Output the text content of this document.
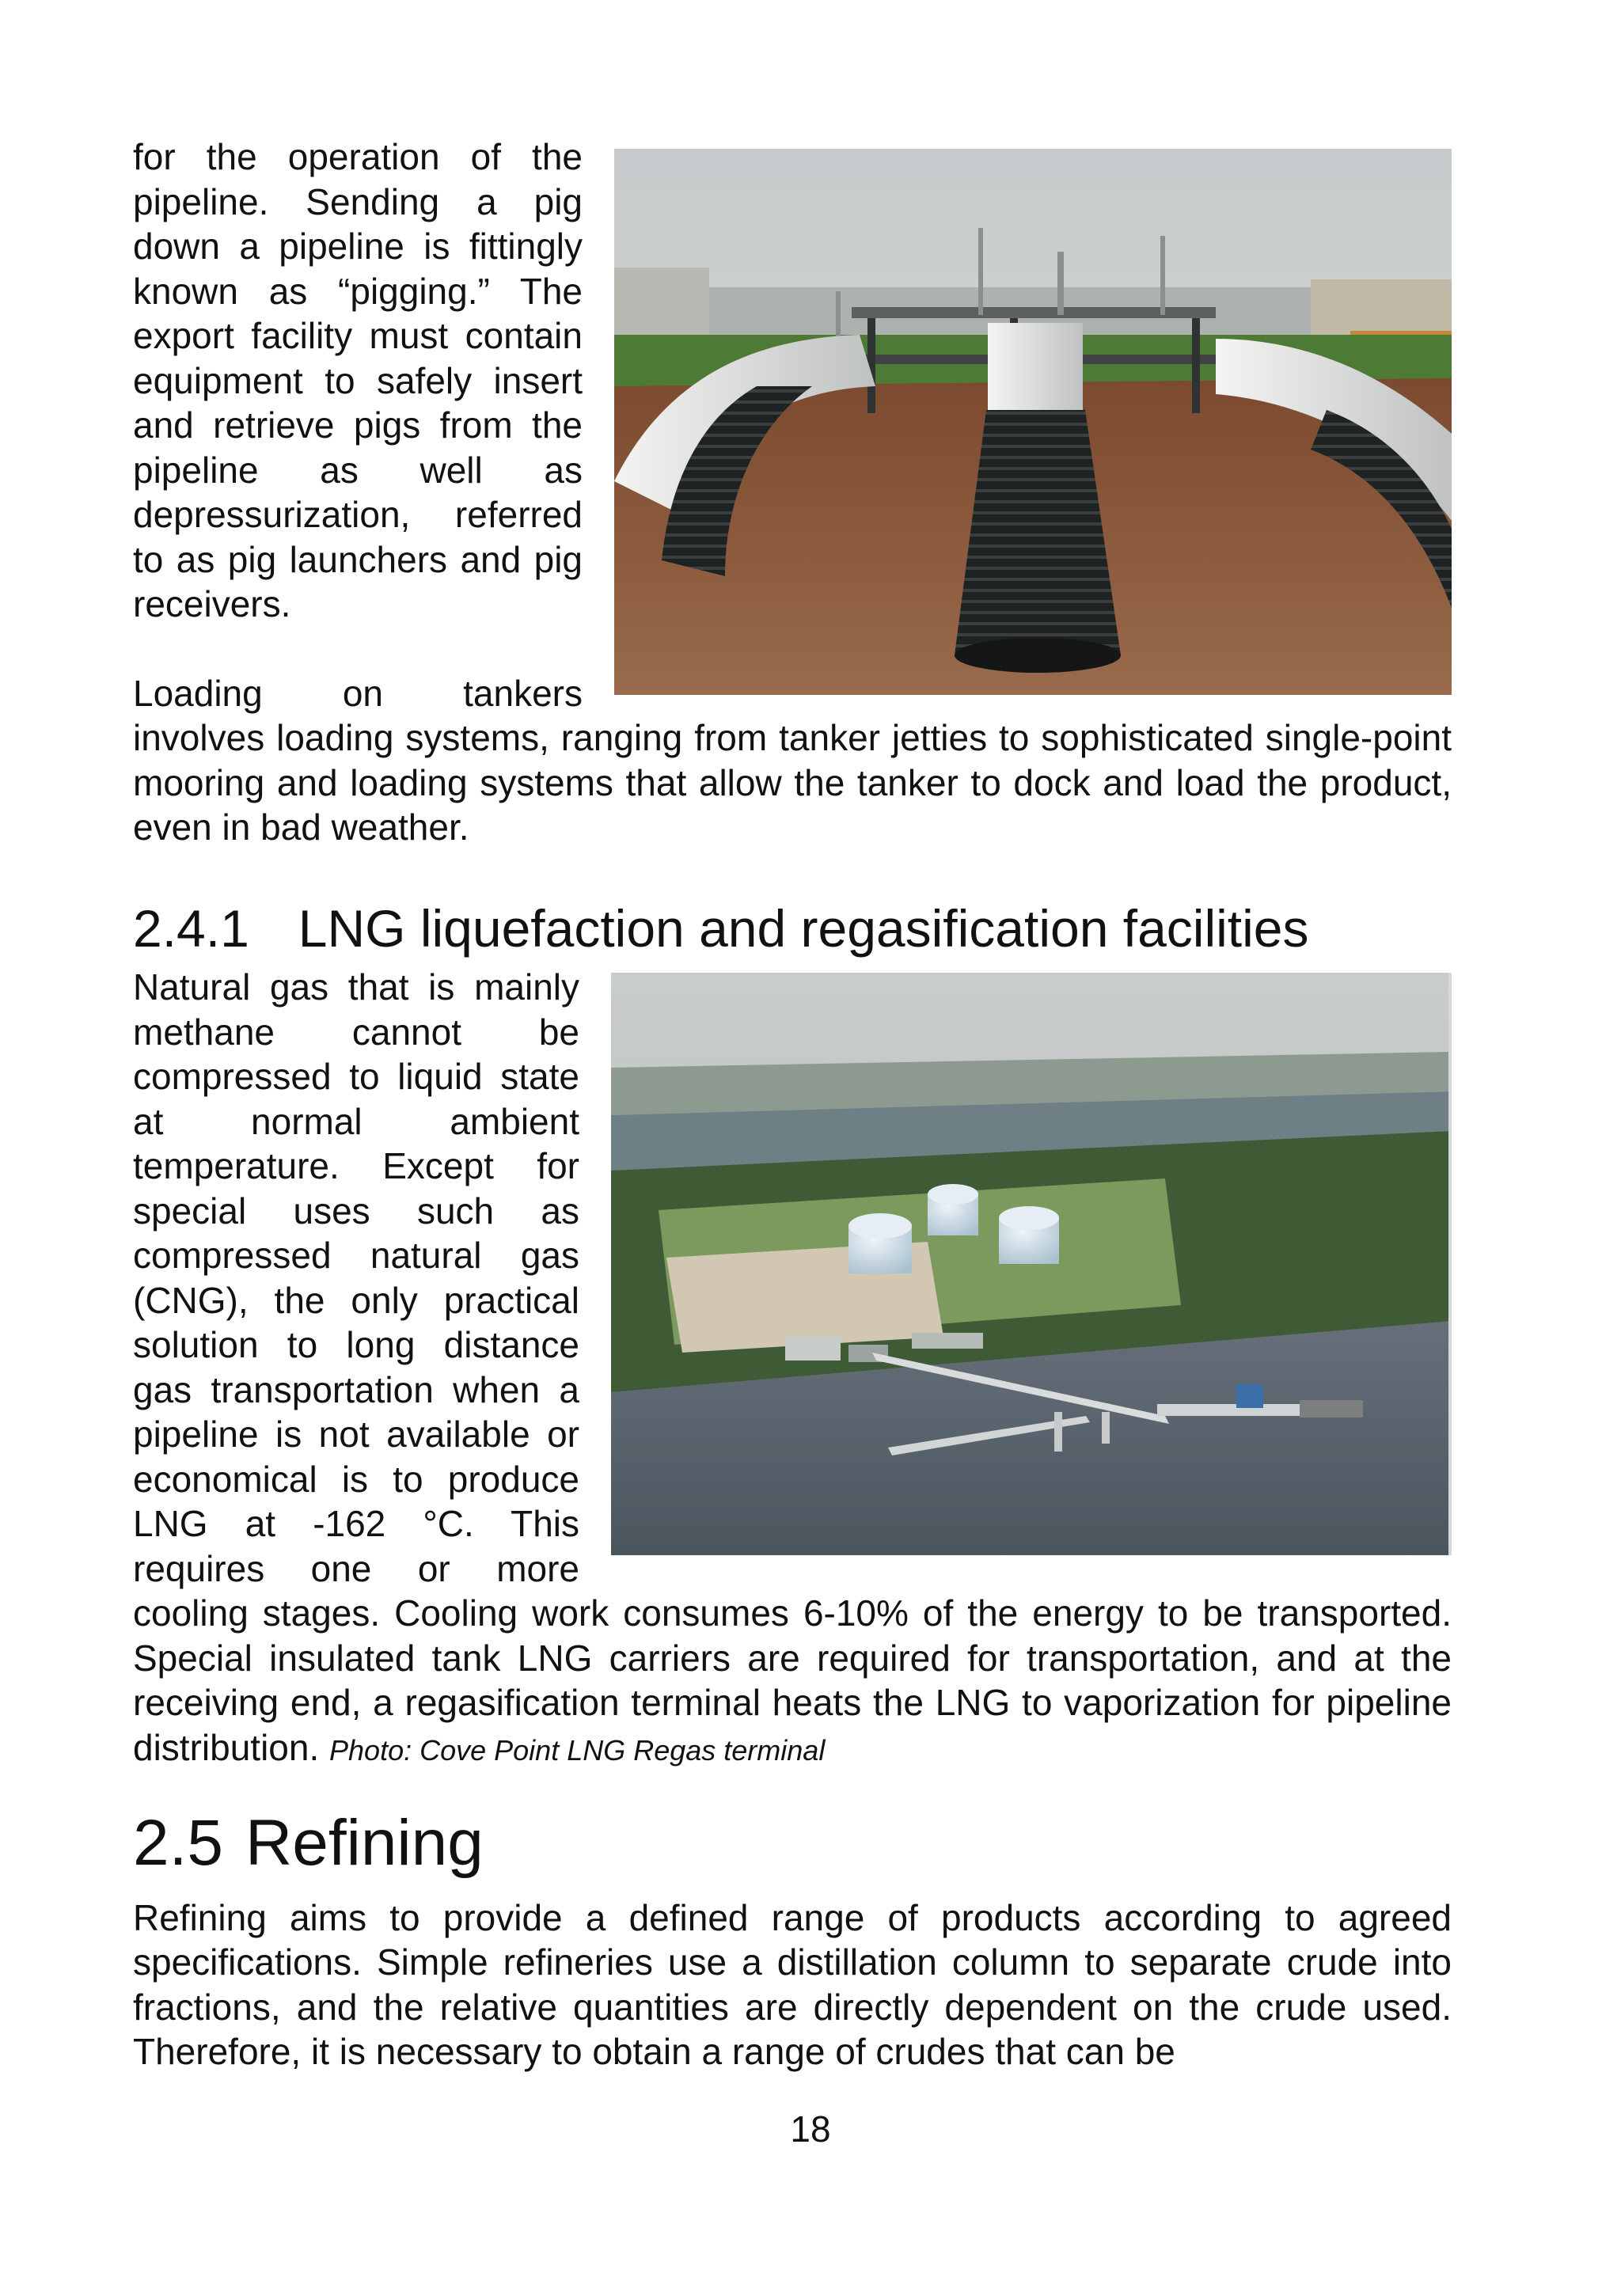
for the operation of the pipeline. Sending a pig down a pipeline is fittingly known as “pigging.” The export facility must contain equipment to safely insert and retrieve pigs from the pipeline as well as depressurization, referred to as pig launchers and pig receivers.

Loading on tankers involves loading systems, ranging from tanker jetties to sophisticated single-point mooring and loading systems that allow the tanker to dock and load the product, even in bad weather.

2.4.1 LNG liquefaction and regasification facilities

Natural gas that is mainly methane cannot be compressed to liquid state at normal ambient temperature. Except for special uses such as compressed natural gas (CNG), the only practical solution to long distance gas transportation when a pipeline is not available or economical is to produce LNG at -162 °C. This requires one or more cooling stages. Cooling work consumes 6-10% of the energy to be transported. Special insulated tank LNG carriers are required for transportation, and at the receiving end, a regasification terminal heats the LNG to vaporization for pipeline distribution. Photo: Cove Point LNG Regas terminal

2.5 Refining

Refining aims to provide a defined range of products according to agreed specifications. Simple refineries use a distillation column to separate crude into fractions, and the relative quantities are directly dependent on the crude used. Therefore, it is necessary to obtain a range of crudes that can be

18
